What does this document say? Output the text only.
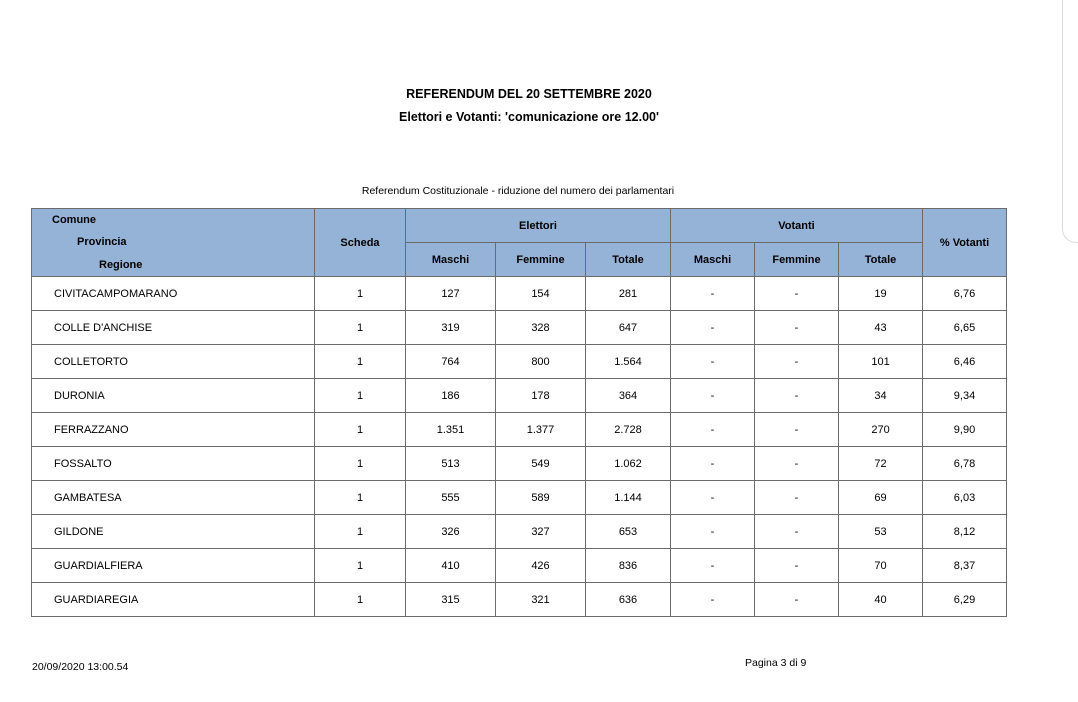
REFERENDUM DEL 20 SETTEMBRE 2020
Elettori e Votanti: 'comunicazione ore 12.00'
Referendum Costituzionale - riduzione del numero dei parlamentari
Comune
Provincia
Regione	Scheda	Elettori			Votanti			% Votanti
		Maschi	Femmine	Totale	Maschi	Femmine	Totale	
CIVITACAMPOMARANO	1	127	154	281	-	-	19	6,76
COLLE D'ANCHISE	1	319	328	647	-	-	43	6,65
COLLETORTO	1	764	800	1.564	-	-	101	6,46
DURONIA	1	186	178	364	-	-	34	9,34
FERRAZZANO	1	1.351	1.377	2.728	-	-	270	9,90
FOSSALTO	1	513	549	1.062	-	-	72	6,78
GAMBATESA	1	555	589	1.144	-	-	69	6,03
GILDONE	1	326	327	653	-	-	53	8,12
GUARDIALFIERA	1	410	426	836	-	-	70	8,37
GUARDIAREGIA	1	315	321	636	-	-	40	6,29
20/09/2020 13:00.54	Pagina 3 di 9
